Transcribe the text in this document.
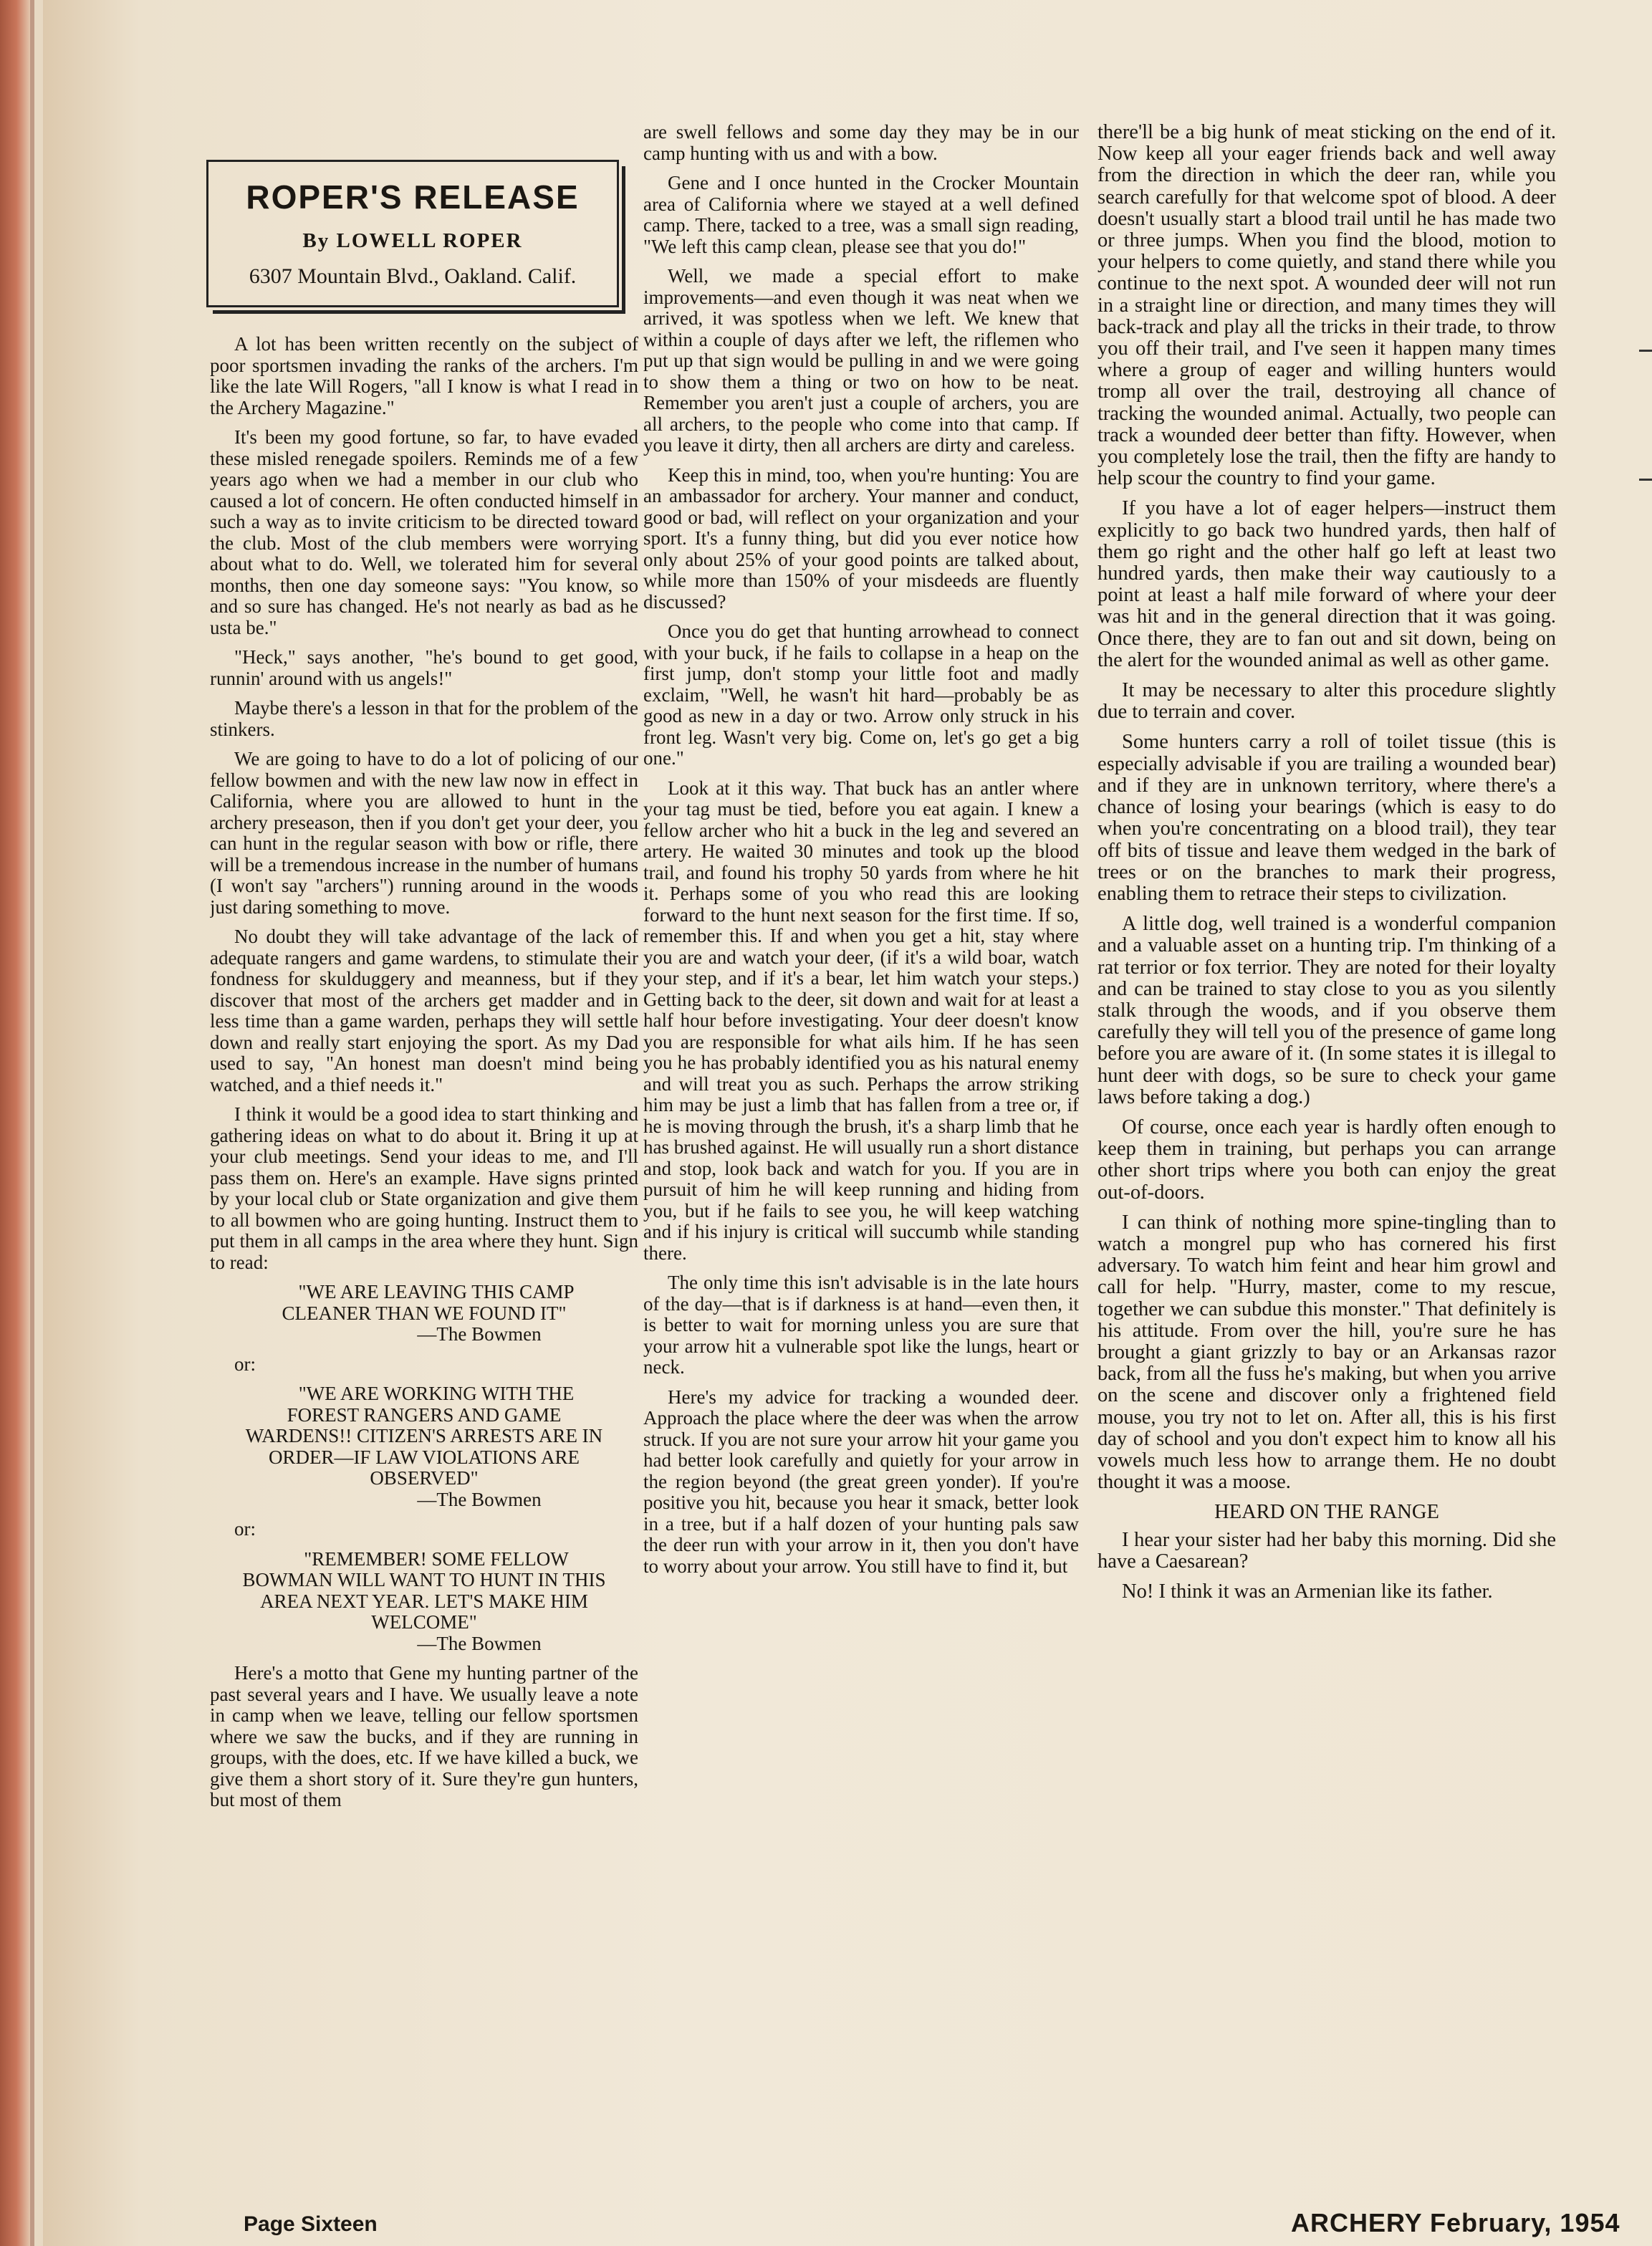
ROPER'S RELEASE
By LOWELL ROPER
6307 Mountain Blvd., Oakland. Calif.

A lot has been written recently on the subject of poor sportsmen invading the ranks of the archers. I'm like the late Will Rogers, "all I know is what I read in the Archery Magazine."

It's been my good fortune, so far, to have evaded these misled renegade spoilers. Reminds me of a few years ago when we had a member in our club who caused a lot of concern. He often conducted himself in such a way as to invite criticism to be directed toward the club. Most of the club members were worrying about what to do. Well, we tolerated him for several months, then one day someone says: "You know, so and so sure has changed. He's not nearly as bad as he usta be."

"Heck," says another, "he's bound to get good, runnin' around with us angels!"

Maybe there's a lesson in that for the problem of the stinkers.

We are going to have to do a lot of policing of our fellow bowmen and with the new law now in effect in California, where you are allowed to hunt in the archery preseason, then if you don't get your deer, you can hunt in the regular season with bow or rifle, there will be a tremendous increase in the number of humans (I won't say "archers") running around in the woods just daring something to move.

No doubt they will take advantage of the lack of adequate rangers and game wardens, to stimulate their fondness for skulduggery and meanness, but if they discover that most of the archers get madder and in less time than a game warden, perhaps they will settle down and really start enjoying the sport. As my Dad used to say, "An honest man doesn't mind being watched, and a thief needs it."

I think it would be a good idea to start thinking and gathering ideas on what to do about it. Bring it up at your club meetings. Send your ideas to me, and I'll pass them on. Here's an example. Have signs printed by your local club or State organization and give them to all bowmen who are going hunting. Instruct them to put them in all camps in the area where they hunt. Sign to read:

"WE ARE LEAVING THIS CAMP CLEANER THAN WE FOUND IT"
—The Bowmen

or:

"WE ARE WORKING WITH THE FOREST RANGERS AND GAME WARDENS!! CITIZEN'S ARRESTS ARE IN ORDER—IF LAW VIOLATIONS ARE OBSERVED"
—The Bowmen

or:

"REMEMBER! SOME FELLOW BOWMAN WILL WANT TO HUNT IN THIS AREA NEXT YEAR. LET'S MAKE HIM WELCOME"
—The Bowmen

Here's a motto that Gene my hunting partner of the past several years and I have. We usually leave a note in camp when we leave, telling our fellow sportsmen where we saw the bucks, and if they are running in groups, with the does, etc. If we have killed a buck, we give them a short story of it. Sure they're gun hunters, but most of them

are swell fellows and some day they may be in our camp hunting with us and with a bow.

Gene and I once hunted in the Crocker Mountain area of California where we stayed at a well defined camp. There, tacked to a tree, was a small sign reading, "We left this camp clean, please see that you do!"

Well, we made a special effort to make improvements—and even though it was neat when we arrived, it was spotless when we left. We knew that within a couple of days after we left, the riflemen who put up that sign would be pulling in and we were going to show them a thing or two on how to be neat. Remember you aren't just a couple of archers, you are all archers, to the people who come into that camp. If you leave it dirty, then all archers are dirty and careless.

Keep this in mind, too, when you're hunting: You are an ambassador for archery. Your manner and conduct, good or bad, will reflect on your organization and your sport. It's a funny thing, but did you ever notice how only about 25% of your good points are talked about, while more than 150% of your misdeeds are fluently discussed?

Once you do get that hunting arrowhead to connect with your buck, if he fails to collapse in a heap on the first jump, don't stomp your little foot and madly exclaim, "Well, he wasn't hit hard—probably be as good as new in a day or two. Arrow only struck in his front leg. Wasn't very big. Come on, let's go get a big one."

Look at it this way. That buck has an antler where your tag must be tied, before you eat again. I knew a fellow archer who hit a buck in the leg and severed an artery. He waited 30 minutes and took up the blood trail, and found his trophy 50 yards from where he hit it. Perhaps some of you who read this are looking forward to the hunt next season for the first time. If so, remember this. If and when you get a hit, stay where you are and watch your deer, (if it's a wild boar, watch your step, and if it's a bear, let him watch your steps.) Getting back to the deer, sit down and wait for at least a half hour before investigating. Your deer doesn't know you are responsible for what ails him. If he has seen you he has probably identified you as his natural enemy and will treat you as such. Perhaps the arrow striking him may be just a limb that has fallen from a tree or, if he is moving through the brush, it's a sharp limb that he has brushed against. He will usually run a short distance and stop, look back and watch for you. If you are in pursuit of him he will keep running and hiding from you, but if he fails to see you, he will keep watching and if his injury is critical will succumb while standing there.

The only time this isn't advisable is in the late hours of the day—that is if darkness is at hand—even then, it is better to wait for morning unless you are sure that your arrow hit a vulnerable spot like the lungs, heart or neck.

Here's my advice for tracking a wounded deer. Approach the place where the deer was when the arrow struck. If you are not sure your arrow hit your game you had better look carefully and quietly for your arrow in the region beyond (the great green yonder). If you're positive you hit, because you hear it smack, better look in a tree, but if a half dozen of your hunting pals saw the deer run with your arrow in it, then you don't have to worry about your arrow. You still have to find it, but

there'll be a big hunk of meat sticking on the end of it. Now keep all your eager friends back and well away from the direction in which the deer ran, while you search carefully for that welcome spot of blood. A deer doesn't usually start a blood trail until he has made two or three jumps. When you find the blood, motion to your helpers to come quietly, and stand there while you continue to the next spot. A wounded deer will not run in a straight line or direction, and many times they will back-track and play all the tricks in their trade, to throw you off their trail, and I've seen it happen many times where a group of eager and willing hunters would tromp all over the trail, destroying all chance of tracking the wounded animal. Actually, two people can track a wounded deer better than fifty. However, when you completely lose the trail, then the fifty are handy to help scour the country to find your game.

If you have a lot of eager helpers—instruct them explicitly to go back two hundred yards, then half of them go right and the other half go left at least two hundred yards, then make their way cautiously to a point at least a half mile forward of where your deer was hit and in the general direction that it was going. Once there, they are to fan out and sit down, being on the alert for the wounded animal as well as other game.

It may be necessary to alter this procedure slightly due to terrain and cover.

Some hunters carry a roll of toilet tissue (this is especially advisable if you are trailing a wounded bear) and if they are in unknown territory, where there's a chance of losing your bearings (which is easy to do when you're concentrating on a blood trail), they tear off bits of tissue and leave them wedged in the bark of trees or on the branches to mark their progress, enabling them to retrace their steps to civilization.

A little dog, well trained is a wonderful companion and a valuable asset on a hunting trip. I'm thinking of a rat terrior or fox terrior. They are noted for their loyalty and can be trained to stay close to you as you silently stalk through the woods, and if you observe them carefully they will tell you of the presence of game long before you are aware of it. (In some states it is illegal to hunt deer with dogs, so be sure to check your game laws before taking a dog.)

Of course, once each year is hardly often enough to keep them in training, but perhaps you can arrange other short trips where you both can enjoy the great out-of-doors.

I can think of nothing more spine-tingling than to watch a mongrel pup who has cornered his first adversary. To watch him feint and hear him growl and call for help. "Hurry, master, come to my rescue, together we can subdue this monster." That definitely is his attitude. From over the hill, you're sure he has brought a giant grizzly to bay or an Arkansas razor back, from all the fuss he's making, but when you arrive on the scene and discover only a frightened field mouse, you try not to let on. After all, this is his first day of school and you don't expect him to know all his vowels much less how to arrange them. He no doubt thought it was a moose.

HEARD ON THE RANGE

I hear your sister had her baby this morning. Did she have a Caesarean?

No! I think it was an Armenian like its father.

Page Sixteen	ARCHERY February, 1954
